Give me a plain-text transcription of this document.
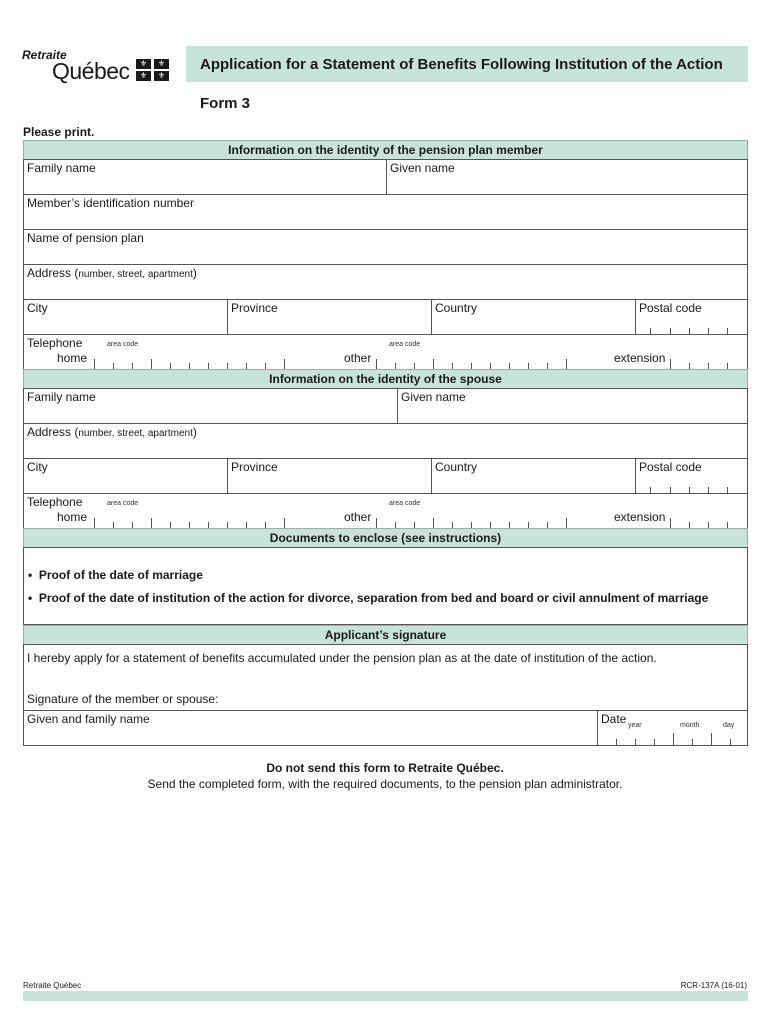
Retraite
Québec	⚜	⚜
⚜	⚜
Application for a Statement of Benefits Following Institution of the Action
Form 3
Please print.
Information on the identity of the pension plan member
Family name	Given name
Member’s identification number
Name of pension plan
Address (number, street, apartment)
City	Province	Country	Postal code
Telephone	area code	area code
home	other	extension
Information on the identity of the spouse
Family name	Given name
Address (number, street, apartment)
City	Province	Country	Postal code
Telephone	area code	area code
home	other	extension
Documents to enclose (see instructions)
•  Proof of the date of marriage
•  Proof of the date of institution of the action for divorce, separation from bed and board or civil annulment of marriage
Applicant’s signature
I hereby apply for a statement of benefits accumulated under the pension plan as at the date of institution of the action.
Signature of the member or spouse:
Given and family name	Date year	month	day
Do not send this form to Retraite Québec.
Send the completed form, with the required documents, to the pension plan administrator.
Retraite Québec	RCR-137A (16-01)
